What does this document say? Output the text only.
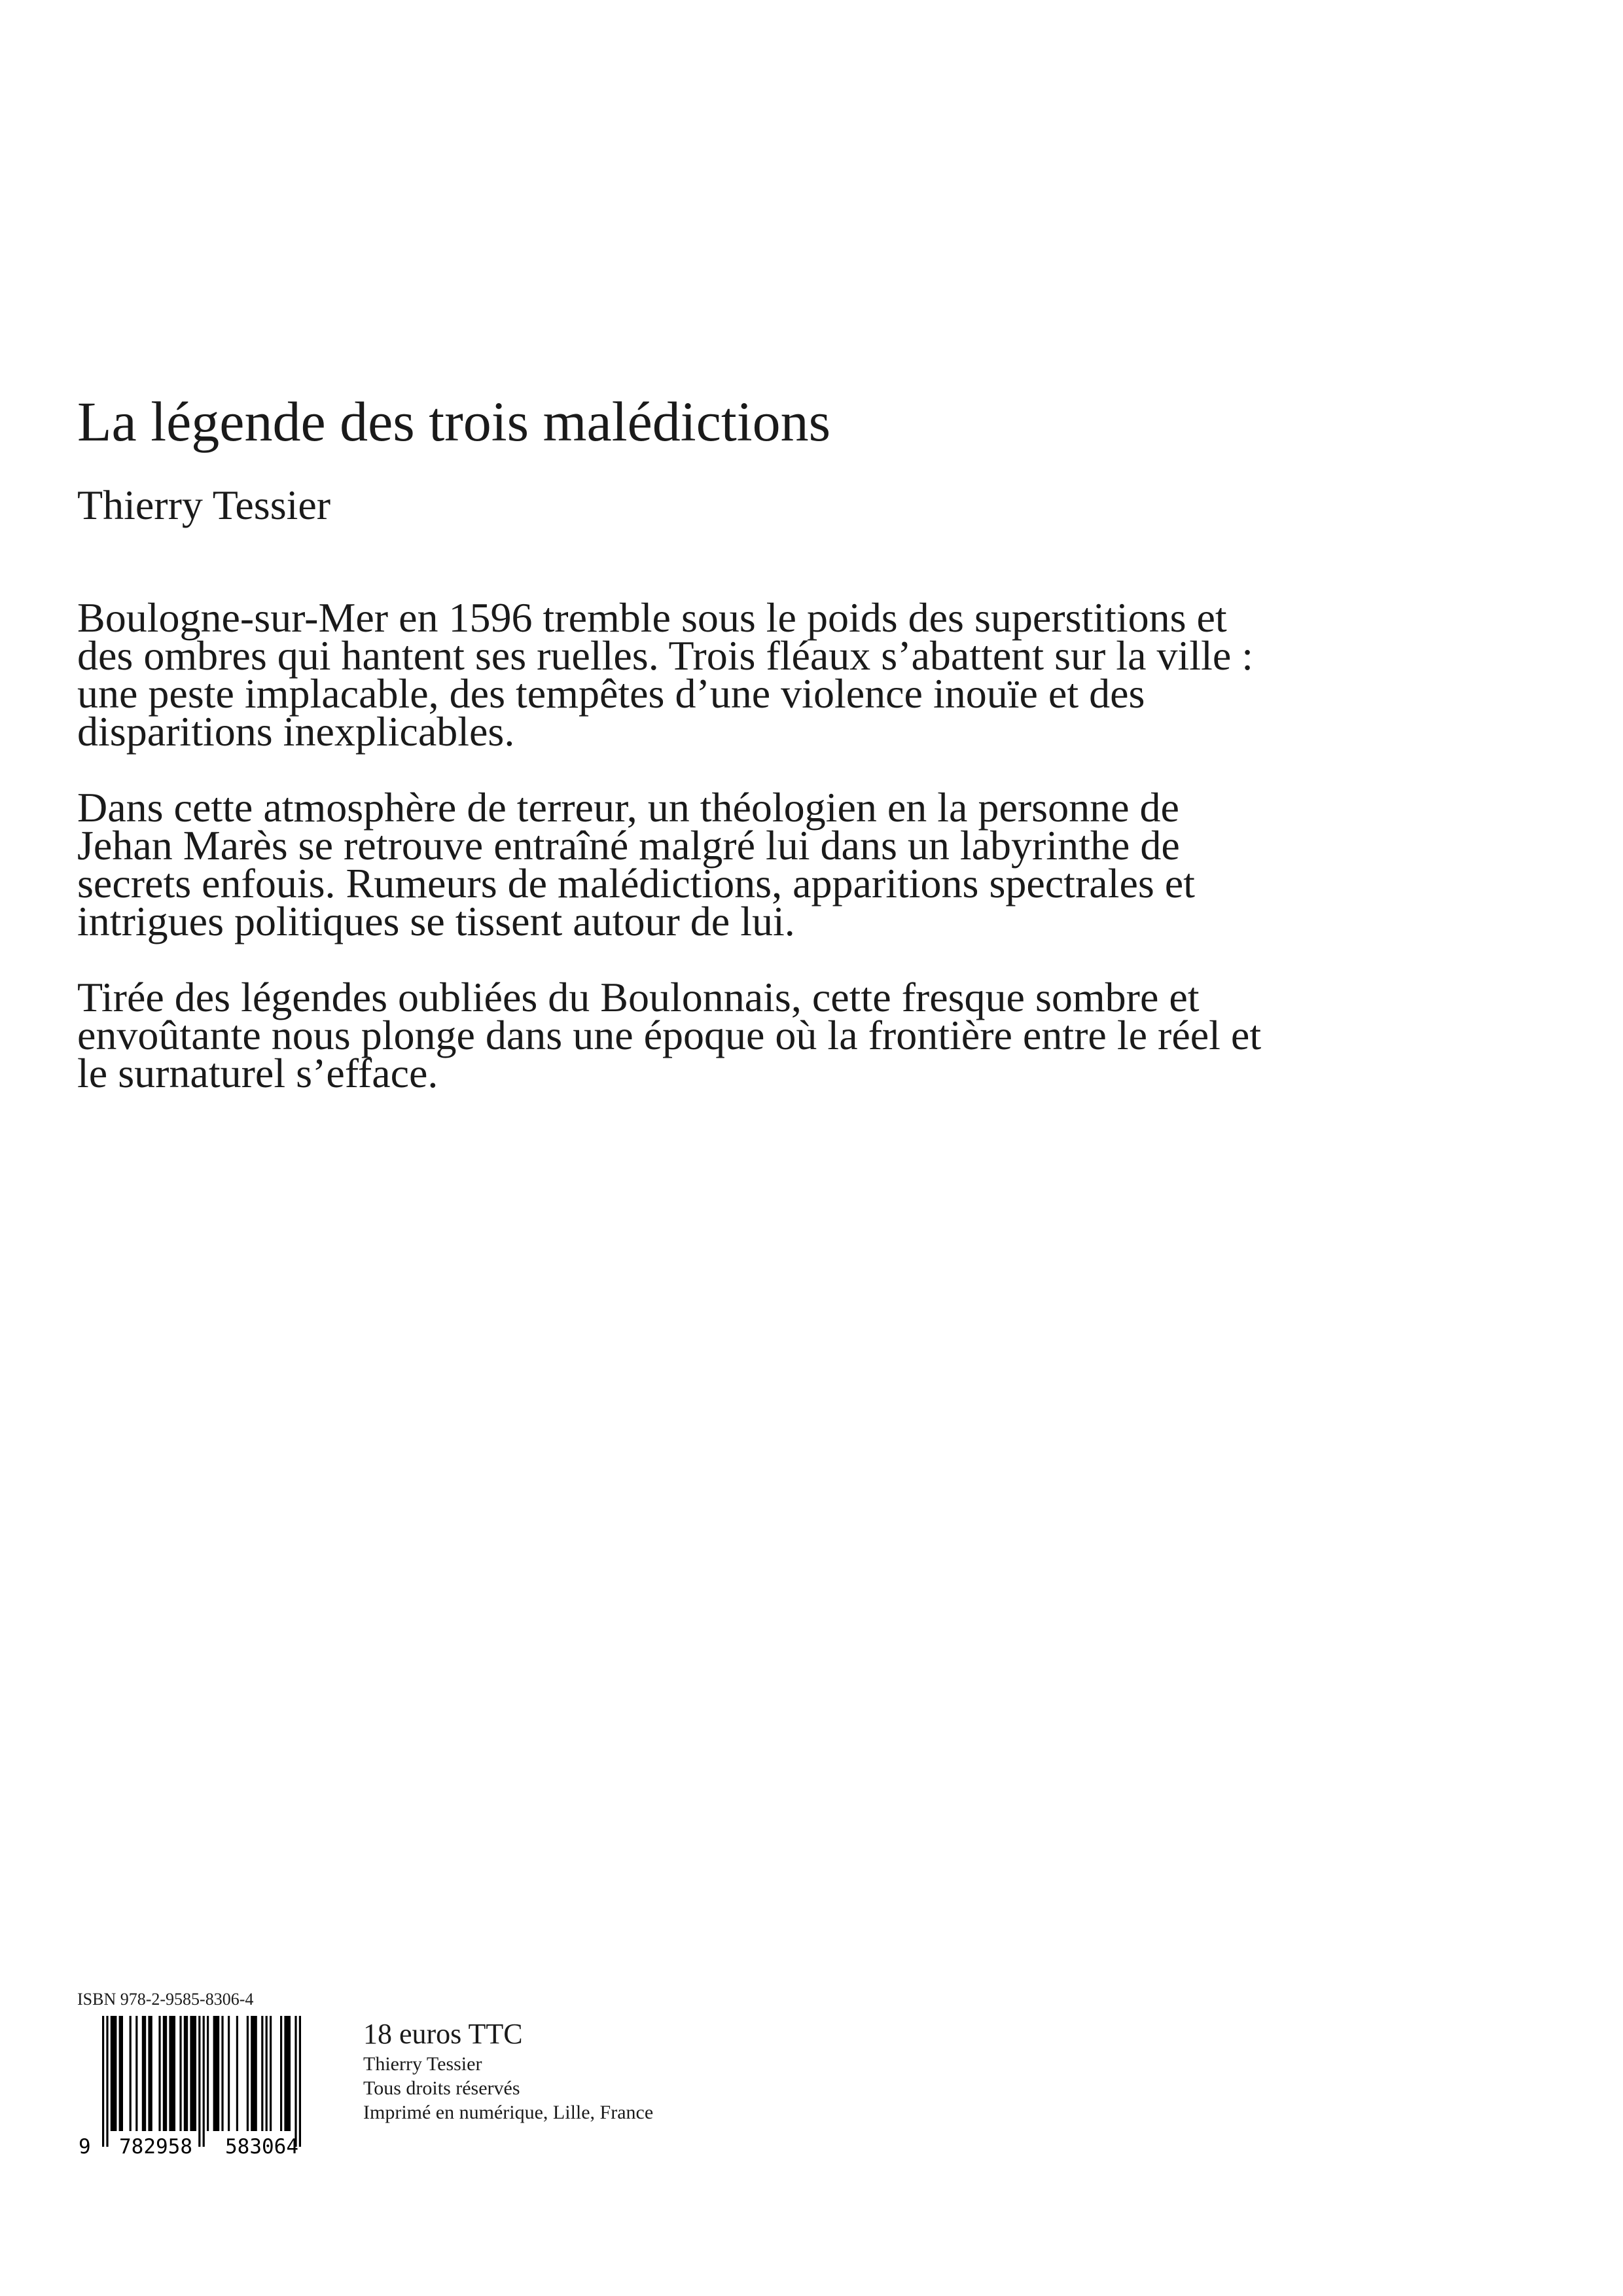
La légende des trois malédictions
Thierry Tessier

Boulogne-sur-Mer en 1596 tremble sous le poids des superstitions et des ombres qui hantent ses ruelles. Trois fléaux s’abattent sur la ville : une peste implacable, des tempêtes d’une violence inouïe et des disparitions inexplicables.

Dans cette atmosphère de terreur, un théologien en la personne de Jehan Marès se retrouve entraîné malgré lui dans un labyrinthe de secrets enfouis. Rumeurs de malédictions, apparitions spectrales et intrigues politiques se tissent autour de lui.

Tirée des légendes oubliées du Boulonnais, cette fresque sombre et envoûtante nous plonge dans une époque où la frontière entre le réel et le surnaturel s’efface.

ISBN 978-2-9585-8306-4
9 782958 583064
18 euros TTC
Thierry Tessier
Tous droits réservés
Imprimé en numérique, Lille, France
